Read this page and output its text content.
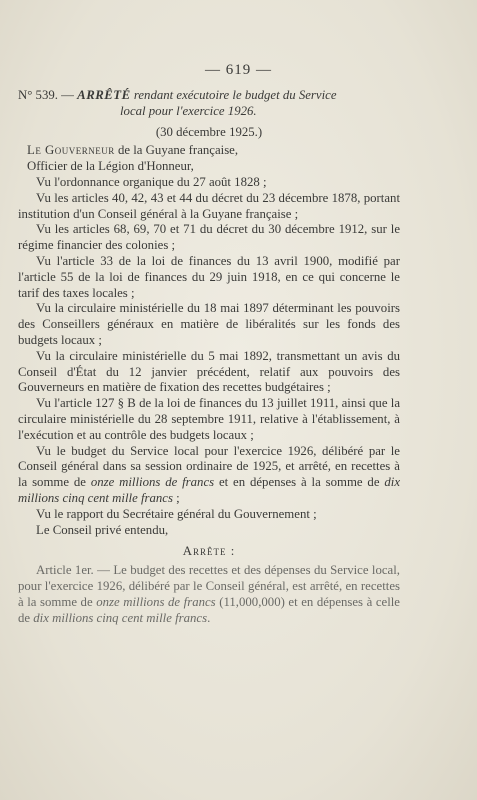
— 619 —
N° 539. — ARRÊTÉ rendant exécutoire le budget du Service
local pour l'exercice 1926.
(30 décembre 1925.)
Le Gouverneur de la Guyane française,
Officier de la Légion d'Honneur,
Vu l'ordonnance organique du 27 août 1828 ;
Vu les articles 40, 42, 43 et 44 du décret du 23 décembre 1878, portant institution d'un Conseil général à la Guyane française ;
Vu les articles 68, 69, 70 et 71 du décret du 30 décembre 1912, sur le régime financier des colonies ;
Vu l'article 33 de la loi de finances du 13 avril 1900, modifié par l'article 55 de la loi de finances du 29 juin 1918, en ce qui concerne le tarif des taxes locales ;
Vu la circulaire ministérielle du 18 mai 1897 déterminant les pouvoirs des Conseillers généraux en matière de libéralités sur les fonds des budgets locaux ;
Vu la circulaire ministérielle du 5 mai 1892, transmettant un avis du Conseil d'État du 12 janvier précédent, relatif aux pouvoirs des Gouverneurs en matière de fixation des recettes budgétaires ;
Vu l'article 127 § B de la loi de finances du 13 juillet 1911, ainsi que la circulaire ministérielle du 28 septembre 1911, relative à l'établissement, à l'exécution et au contrôle des budgets locaux ;
Vu le budget du Service local pour l'exercice 1926, délibéré par le Conseil général dans sa session ordinaire de 1925, et arrêté, en recettes à la somme de onze millions de francs et en dépenses à la somme de dix millions cinq cent mille francs ;
Vu le rapport du Secrétaire général du Gouvernement ;
Le Conseil privé entendu,
Arrête :
Article 1er. — Le budget des recettes et des dépenses du Service local, pour l'exercice 1926, délibéré par le Conseil général, est arrêté, en recettes à la somme de onze millions de francs (11,000,000) et en dépenses à celle de dix millions cinq cent mille francs.
